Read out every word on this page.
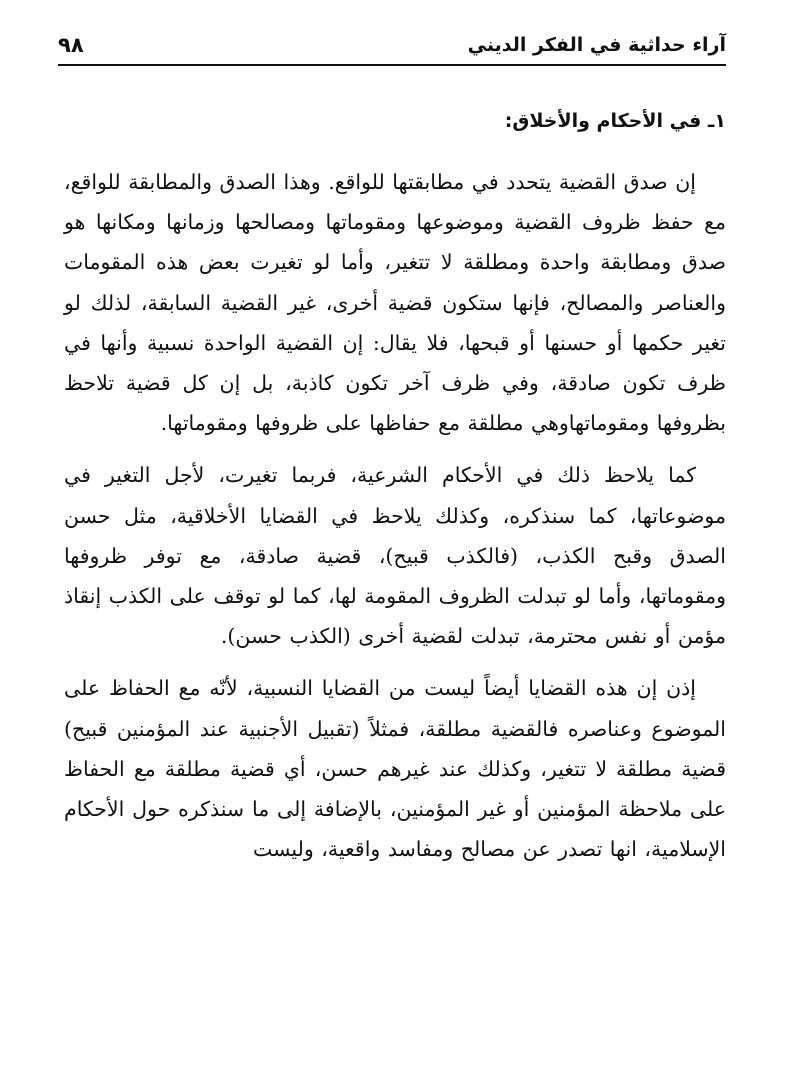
آراء حداثية في الفكر الديني
٩٨
١ـ في الأحكام والأخلاق:

إن صدق القضية يتحدد في مطابقتها للواقع. وهذا الصدق والمطابقة للواقع، مع حفظ ظروف القضية وموضوعها ومقوماتها ومصالحها وزمانها ومكانها هو صدق ومطابقة واحدة ومطلقة لا تتغير، وأما لو تغيرت بعض هذه المقومات والعناصر والمصالح، فإنها ستكون قضية أخرى، غير القضية السابقة، لذلك لو تغير حكمها أو حسنها أو قبحها، فلا يقال: إن القضية الواحدة نسبية وأنها في ظرف تكون صادقة، وفي ظرف آخر تكون كاذبة، بل إن كل قضية تلاحظ بظروفها ومقوماتهاوهي مطلقة مع حفاظها على ظروفها ومقوماتها.

كما يلاحظ ذلك في الأحكام الشرعية، فربما تغيرت، لأجل التغير في موضوعاتها، كما سنذكره، وكذلك يلاحظ في القضايا الأخلاقية، مثل حسن الصدق وقبح الكذب، (فالكذب قبيح)، قضية صادقة، مع توفر ظروفها ومقوماتها، وأما لو تبدلت الظروف المقومة لها، كما لو توقف على الكذب إنقاذ مؤمن أو نفس محترمة، تبدلت لقضية أخرى (الكذب حسن).

إذن إن هذه القضايا أيضاً ليست من القضايا النسبية، لأنّه مع الحفاظ على الموضوع وعناصره فالقضية مطلقة، فمثلاً (تقبيل الأجنبية عند المؤمنين قبيح) قضية مطلقة لا تتغير، وكذلك عند غيرهم حسن، أي قضية مطلقة مع الحفاظ على ملاحظة المؤمنين أو غير المؤمنين، بالإضافة إلى ما سنذكره حول الأحكام الإسلامية، انها تصدر عن مصالح ومفاسد واقعية، وليست
